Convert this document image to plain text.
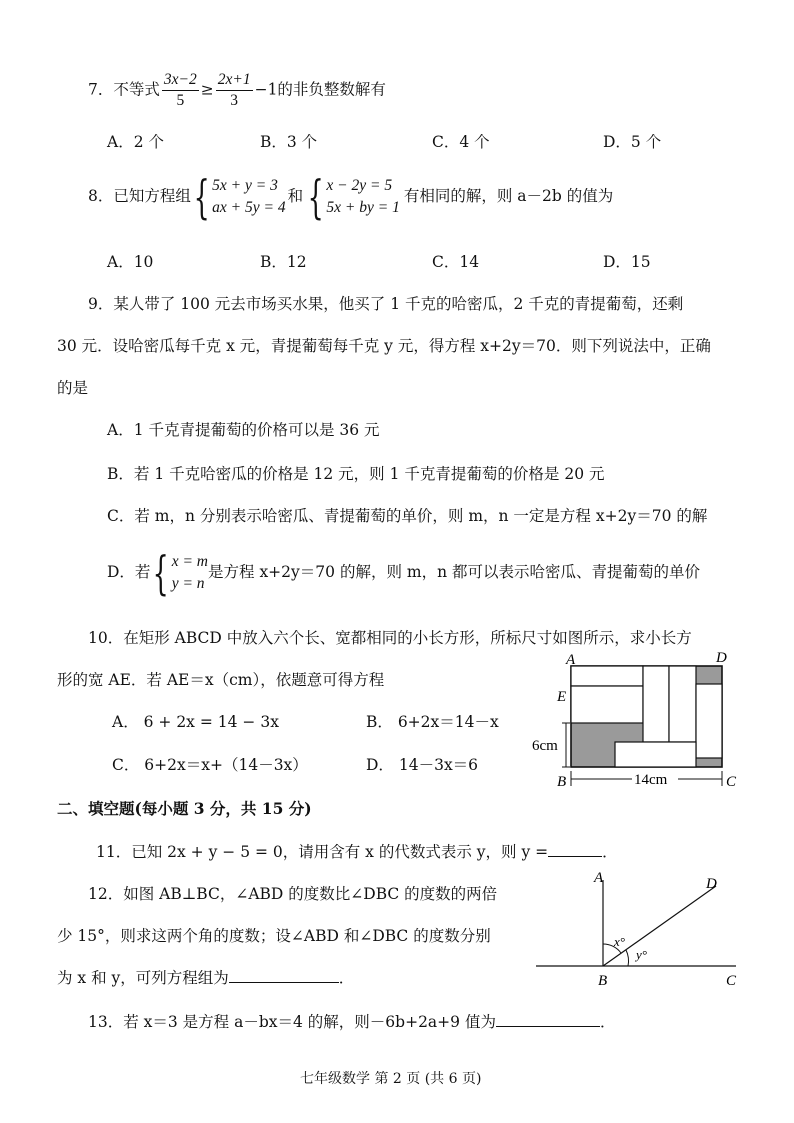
7．不等式 $\frac{3x-2}{5} \ge \frac{2x+1}{3} -1$的非负整数解有
A．2 个	B．3 个	C．4 个	D．5 个
8．已知方程组{ 5x + y = 3
ax + 5y = 4
和{ x − 2y = 5
5x + by = 1
有相同的解，则 a－2b 的值为
A．10	B．12	C．14	D．15
9．某人带了 100 元去市场买水果，他买了 1 千克的哈密瓜，2 千克的青提葡萄，还剩
30 元．设哈密瓜每千克 x 元，青提葡萄每千克 y 元，得方程 x+2y＝70．则下列说法中，正确
的是
A．1 千克青提葡萄的价格可以是 36 元
B．若 1 千克哈密瓜的价格是 12 元，则 1 千克青提葡萄的价格是 20 元
C．若 m，n 分别表示哈密瓜、青提葡萄的单价，则 m，n 一定是方程 x+2y＝70 的解
D．若{ x = m
y = n
是方程 x+2y＝70 的解，则 m，n 都可以表示哈密瓜、青提葡萄的单价
10．在矩形 ABCD 中放入六个长、宽都相同的小长方形，所标尺寸如图所示，求小长方
形的宽 AE．若 AE＝x（cm），依题意可得方程
A． 6 + 2x = 14 − 3x	B． 6+2x＝14－x
C． 6+2x＝x+（14－3x）	D． 14－3x＝6
A	D
E
B	C
6cm
14cm
二、填空题(每小题 3 分，共 15 分)
11．已知 2x + y − 5 = 0，请用含有 x 的代数式表示 y，则 y =	．
12．如图 AB⊥BC，∠ABD 的度数比∠DBC 的度数的两倍
少 15°，则求这两个角的度数；设∠ABD 和∠DBC 的度数分别
为 x 和 y，可列方程组为	．
A	D
B	C
x°
y°
13．若 x＝3 是方程 a－bx＝4 的解，则－6b+2a+9 值为	．
七年级数学 第 2 页 (共 6 页)
